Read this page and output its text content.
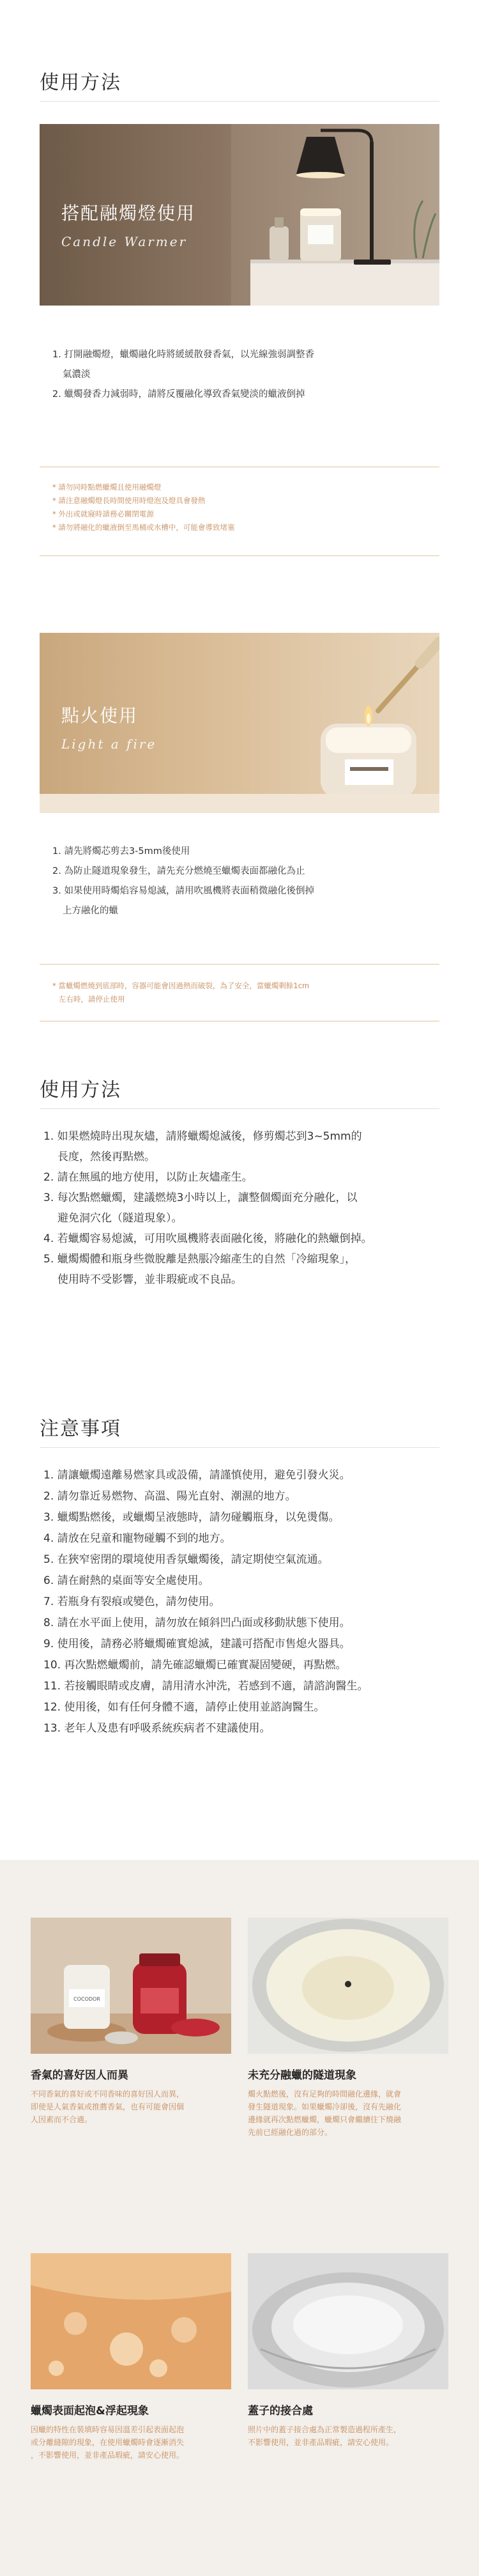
使用方法
搭配融燭燈使用
Candle Warmer
1. 打開融燭燈，蠟燭融化時將緩緩散發香氣，以光線強弱調整香
氣濃淡
2. 蠟燭發香力減弱時，請將反覆融化導致香氣變淡的蠟液倒掉
* 請勿同時點燃蠟燭且使用融燭燈
* 請注意融燭燈長時間使用時燈泡及燈具會發熱
* 外出或就寢時請務必關閉電源
* 請勿將融化的蠟液倒至馬桶或水槽中，可能會導致堵塞
點火使用
Light a fire
1. 請先將燭芯剪去3-5mm後使用
2. 為防止隧道現象發生，請先充分燃燒至蠟燭表面都融化為止
3. 如果使用時燭焰容易熄滅，請用吹風機將表面稍微融化後倒掉
上方融化的蠟
* 當蠟燭燃燒到底部時，容器可能會因過熱而破裂，為了安全，當蠟燭剩餘1cm
左右時，請停止使用
使用方法
1. 如果燃燒時出現灰燼，請將蠟燭熄滅後，修剪燭芯到3~5mm的
長度，然後再點燃。
2. 請在無風的地方使用，以防止灰燼產生。
3. 每次點燃蠟燭，建議燃燒3小時以上，讓整個燭面充分融化，以
避免洞穴化（隧道現象）。
4. 若蠟燭容易熄滅，可用吹風機將表面融化後，將融化的熱蠟倒掉。
5. 蠟燭燭體和瓶身些微脫離是熱脹冷縮產生的自然「冷縮現象」，
使用時不受影響，並非瑕疵或不良品。
注意事項
1. 請讓蠟燭遠離易燃家具或設備，請謹慎使用，避免引發火災。
2. 請勿靠近易燃物、高溫、陽光直射、潮濕的地方。
3. 蠟燭點燃後，或蠟燭呈液態時，請勿碰觸瓶身，以免燙傷。
4. 請放在兒童和寵物碰觸不到的地方。
5. 在狹窄密閉的環境使用香氛蠟燭後，請定期使空氣流通。
6. 請在耐熱的桌面等安全處使用。
7. 若瓶身有裂痕或變色，請勿使用。
8. 請在水平面上使用，請勿放在傾斜凹凸面或移動狀態下使用。
9. 使用後，請務必將蠟燭確實熄滅，建議可搭配市售熄火器具。
10. 再次點燃蠟燭前，請先確認蠟燭已確實凝固變硬，再點燃。
11. 若接觸眼睛或皮膚，請用清水沖洗，若感到不適，請諮詢醫生。
12. 使用後，如有任何身體不適，請停止使用並諮詢醫生。
13. 老年人及患有呼吸系統疾病者不建議使用。
COCODOR
香氣的喜好因人而異
不同香氣的喜好或不同香味的喜好因人而異，
即使是人氣香氣或推薦香氣，也有可能會因個
人因素而不合適。
未充分融蠟的隧道現象
燭火點燃後，沒有足夠的時間融化邊緣，就會
發生隧道現象。如果蠟燭冷卻後，沒有先融化
邊緣就再次點燃蠟燭，蠟燭只會繼續往下燒融
先前已經融化過的部分。
蠟燭表面起泡&浮起現象
因蠟的特性在裝填時容易因溫差引起表面起泡
或分離縫隙的現象，在使用蠟燭時會逐漸消失
，不影響使用，並非產品瑕疵，請安心使用。
蓋子的接合處
照片中的蓋子接合處為正常製造過程所產生，
不影響使用，並非產品瑕疵，請安心使用。
